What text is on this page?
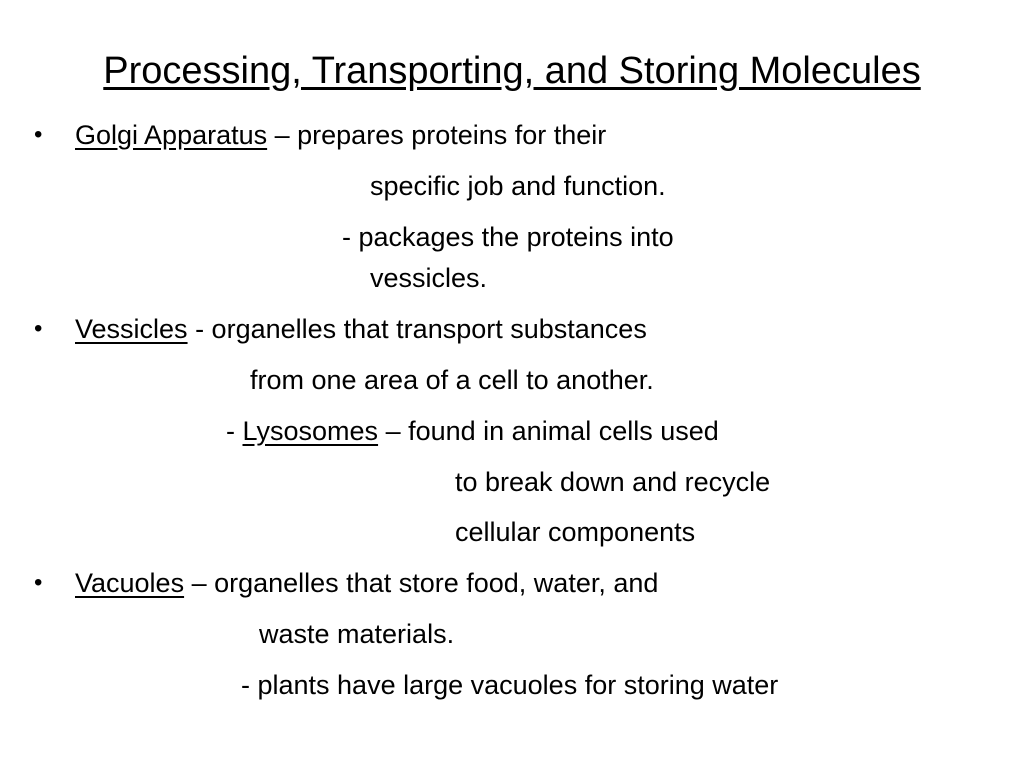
Processing, Transporting, and Storing Molecules
• Golgi Apparatus – prepares proteins for their
specific job and function.
- packages the proteins into
vessicles.
• Vessicles - organelles that transport substances
from one area of a cell to another.
- Lysosomes – found in animal cells used
to break down and recycle
cellular components
• Vacuoles – organelles that store food, water, and
waste materials.
- plants have large vacuoles for storing water
